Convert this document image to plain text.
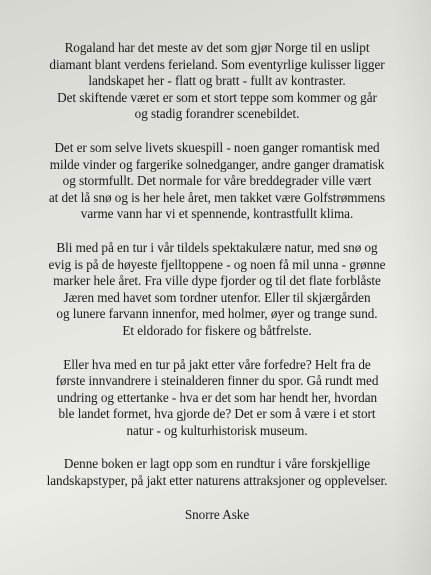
Rogaland har det meste av det som gjør Norge til en uslipt
diamant blant verdens ferieland. Som eventyrlige kulisser ligger
landskapet her - flatt og bratt - fullt av kontraster.
Det skiftende været er som et stort teppe som kommer og går
og stadig forandrer scenebildet.

Det er som selve livets skuespill - noen ganger romantisk med
milde vinder og fargerike solnedganger, andre ganger dramatisk
og stormfullt. Det normale for våre breddegrader ville vært
at det lå snø og is her hele året, men takket være Golfstrømmens
varme vann har vi et spennende, kontrastfullt klima.

Bli med på en tur i vår tildels spektakulære natur, med snø og
evig is på de høyeste fjelltoppene - og noen få mil unna - grønne
marker hele året. Fra ville dype fjorder og til det flate forblåste
Jæren med havet som tordner utenfor. Eller til skjærgården
og lunere farvann innenfor, med holmer, øyer og trange sund.
Et eldorado for fiskere og båtfrelste.

Eller hva med en tur på jakt etter våre forfedre? Helt fra de
første innvandrere i steinalderen finner du spor. Gå rundt med
undring og ettertanke - hva er det som har hendt her, hvordan
ble landet formet, hva gjorde de? Det er som å være i et stort
natur - og kulturhistorisk museum.

Denne boken er lagt opp som en rundtur i våre forskjellige
landskapstyper, på jakt etter naturens attraksjoner og opplevelser.

Snorre Aske
